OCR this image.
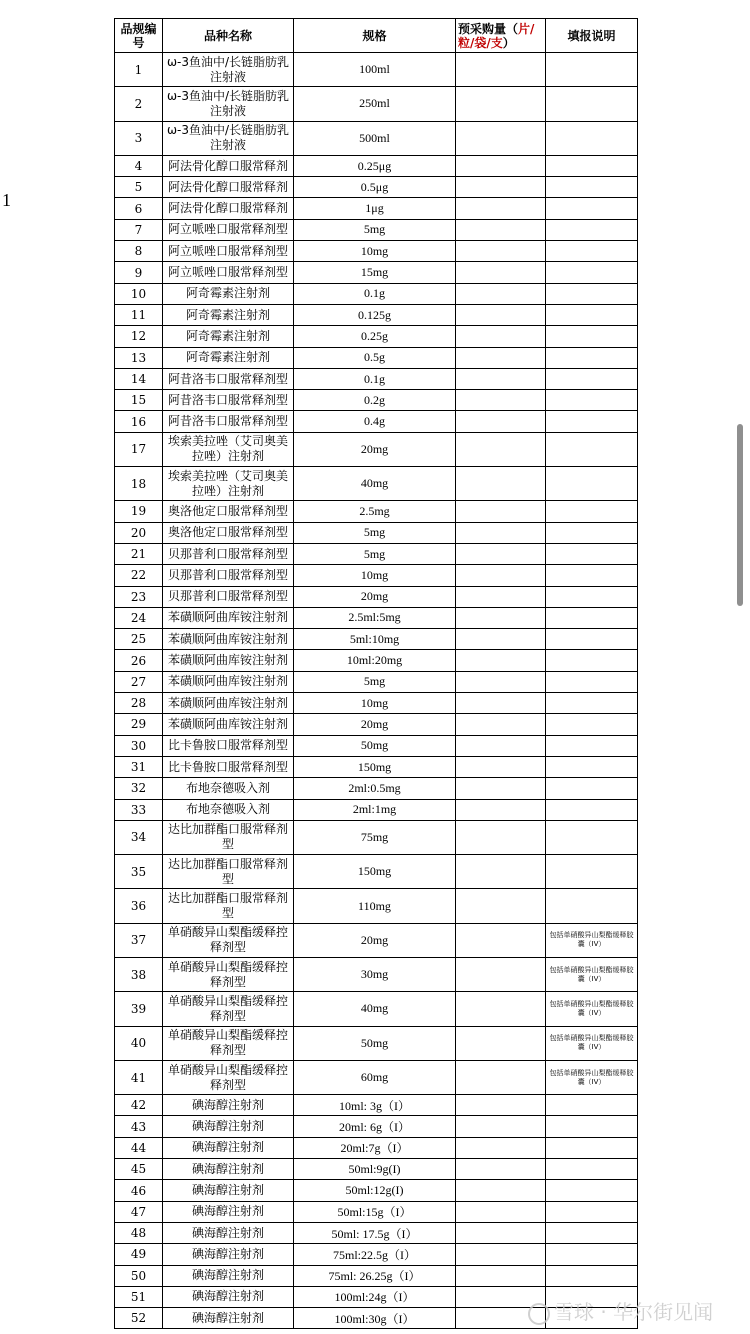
1
品规编号	品种名称	规格	预采购量（片/粒/袋/支）	填报说明
1	ω-3鱼油中/长链脂肪乳注射液	100ml		
2	ω-3鱼油中/长链脂肪乳注射液	250ml		
3	ω-3鱼油中/长链脂肪乳注射液	500ml		
4	阿法骨化醇口服常释剂	0.25μg		
5	阿法骨化醇口服常释剂	0.5μg		
6	阿法骨化醇口服常释剂	1μg		
7	阿立哌唑口服常释剂型	5mg		
8	阿立哌唑口服常释剂型	10mg		
9	阿立哌唑口服常释剂型	15mg		
10	阿奇霉素注射剂	0.1g		
11	阿奇霉素注射剂	0.125g		
12	阿奇霉素注射剂	0.25g		
13	阿奇霉素注射剂	0.5g		
14	阿昔洛韦口服常释剂型	0.1g		
15	阿昔洛韦口服常释剂型	0.2g		
16	阿昔洛韦口服常释剂型	0.4g		
17	埃索美拉唑（艾司奥美拉唑）注射剂	20mg		
18	埃索美拉唑（艾司奥美拉唑）注射剂	40mg		
19	奥洛他定口服常释剂型	2.5mg		
20	奥洛他定口服常释剂型	5mg		
21	贝那普利口服常释剂型	5mg		
22	贝那普利口服常释剂型	10mg		
23	贝那普利口服常释剂型	20mg		
24	苯磺顺阿曲库铵注射剂	2.5ml:5mg		
25	苯磺顺阿曲库铵注射剂	5ml:10mg		
26	苯磺顺阿曲库铵注射剂	10ml:20mg		
27	苯磺顺阿曲库铵注射剂	5mg		
28	苯磺顺阿曲库铵注射剂	10mg		
29	苯磺顺阿曲库铵注射剂	20mg		
30	比卡鲁胺口服常释剂型	50mg		
31	比卡鲁胺口服常释剂型	150mg		
32	布地奈德吸入剂	2ml:0.5mg		
33	布地奈德吸入剂	2ml:1mg		
34	达比加群酯口服常释剂型	75mg		
35	达比加群酯口服常释剂型	150mg		
36	达比加群酯口服常释剂型	110mg		
37	单硝酸异山梨酯缓释控释剂型	20mg		包括单硝酸异山梨酯缓释胶囊（IV）
38	单硝酸异山梨酯缓释控释剂型	30mg		包括单硝酸异山梨酯缓释胶囊（IV）
39	单硝酸异山梨酯缓释控释剂型	40mg		包括单硝酸异山梨酯缓释胶囊（IV）
40	单硝酸异山梨酯缓释控释剂型	50mg		包括单硝酸异山梨酯缓释胶囊（IV）
41	单硝酸异山梨酯缓释控释剂型	60mg		包括单硝酸异山梨酯缓释胶囊（IV）
42	碘海醇注射剂	10ml: 3g（I）		
43	碘海醇注射剂	20ml: 6g（I）		
44	碘海醇注射剂	20ml:7g（I）		
45	碘海醇注射剂	50ml:9g(I)		
46	碘海醇注射剂	50ml:12g(I)		
47	碘海醇注射剂	50ml:15g（I）		
48	碘海醇注射剂	50ml: 17.5g（I）		
49	碘海醇注射剂	75ml:22.5g（I）		
50	碘海醇注射剂	75ml: 26.25g（I）		
51	碘海醇注射剂	100ml:24g（I）		
52	碘海醇注射剂	100ml:30g（I）			雪球 · 华尔街见闻
